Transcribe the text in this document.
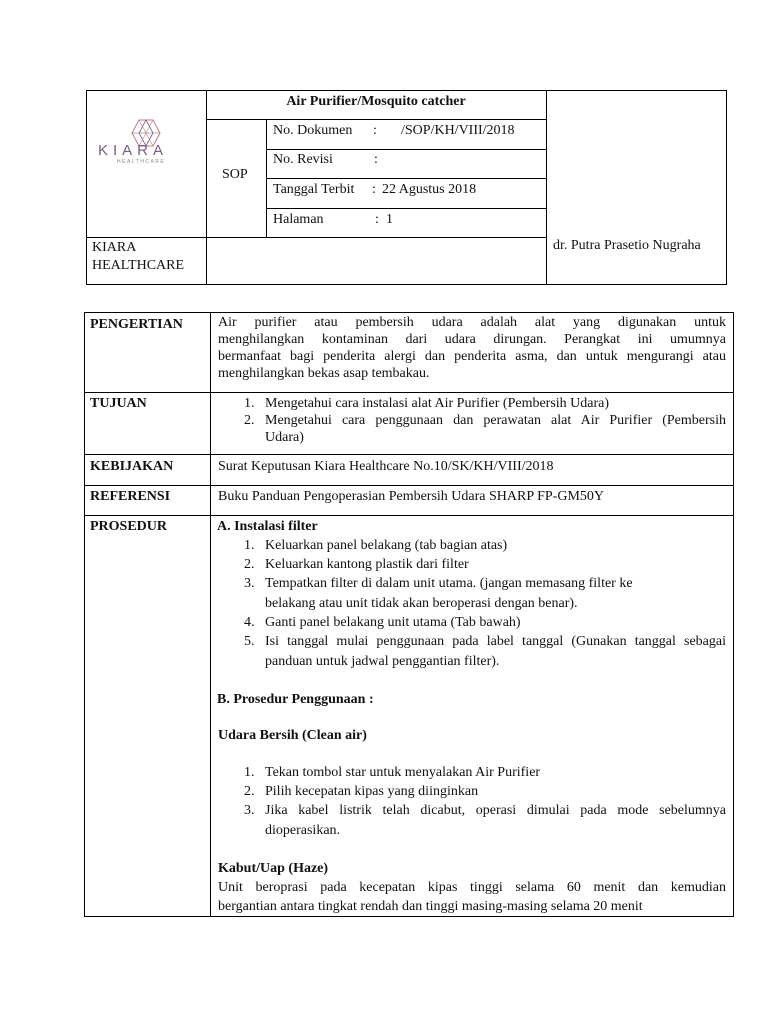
KIARA
HEALTHCARE
Air Purifier/Mosquito catcher
SOP
No. Dokumen : /SOP/KH/VIII/2018
No. Revisi	:
Tanggal Terbit : 22 Agustus 2018
Halaman	: 1
KIARA
HEALTHCARE
dr. Putra Prasetio Nugraha
PENGERTIAN	Air purifier atau pembersih udara adalah alat yang digunakan untuk
menghilangkan kontaminan dari udara dirungan. Perangkat ini umumnya
bermanfaat bagi penderita alergi dan penderita asma, dan untuk mengurangi atau
menghilangkan bekas asap tembakau.
TUJUAN	1. Mengetahui cara instalasi alat Air Purifier (Pembersih Udara)
2. Mengetahui cara penggunaan dan perawatan alat Air Purifier (Pembersih
Udara)
KEBIJAKAN	Surat Keputusan Kiara Healthcare No.10/SK/KH/VIII/2018
REFERENSI	Buku Panduan Pengoperasian Pembersih Udara SHARP FP-GM50Y
PROSEDUR	A. Instalasi filter
1. Keluarkan panel belakang (tab bagian atas)
2. Keluarkan kantong plastik dari filter
3. Tempatkan filter di dalam unit utama. (jangan memasang filter ke
belakang atau unit tidak akan beroperasi dengan benar).
4. Ganti panel belakang unit utama (Tab bawah)
5. Isi tanggal mulai penggunaan pada label tanggal (Gunakan tanggal sebagai
panduan untuk jadwal penggantian filter).
B. Prosedur Penggunaan :
Udara Bersih (Clean air)
1. Tekan tombol star untuk menyalakan Air Purifier
2. Pilih kecepatan kipas yang diinginkan
3. Jika kabel listrik telah dicabut, operasi dimulai pada mode sebelumnya
dioperasikan.
Kabut/Uap (Haze)
Unit beroprasi pada kecepatan kipas tinggi selama 60 menit dan kemudian
bergantian antara tingkat rendah dan tinggi masing-masing selama 20 menit
